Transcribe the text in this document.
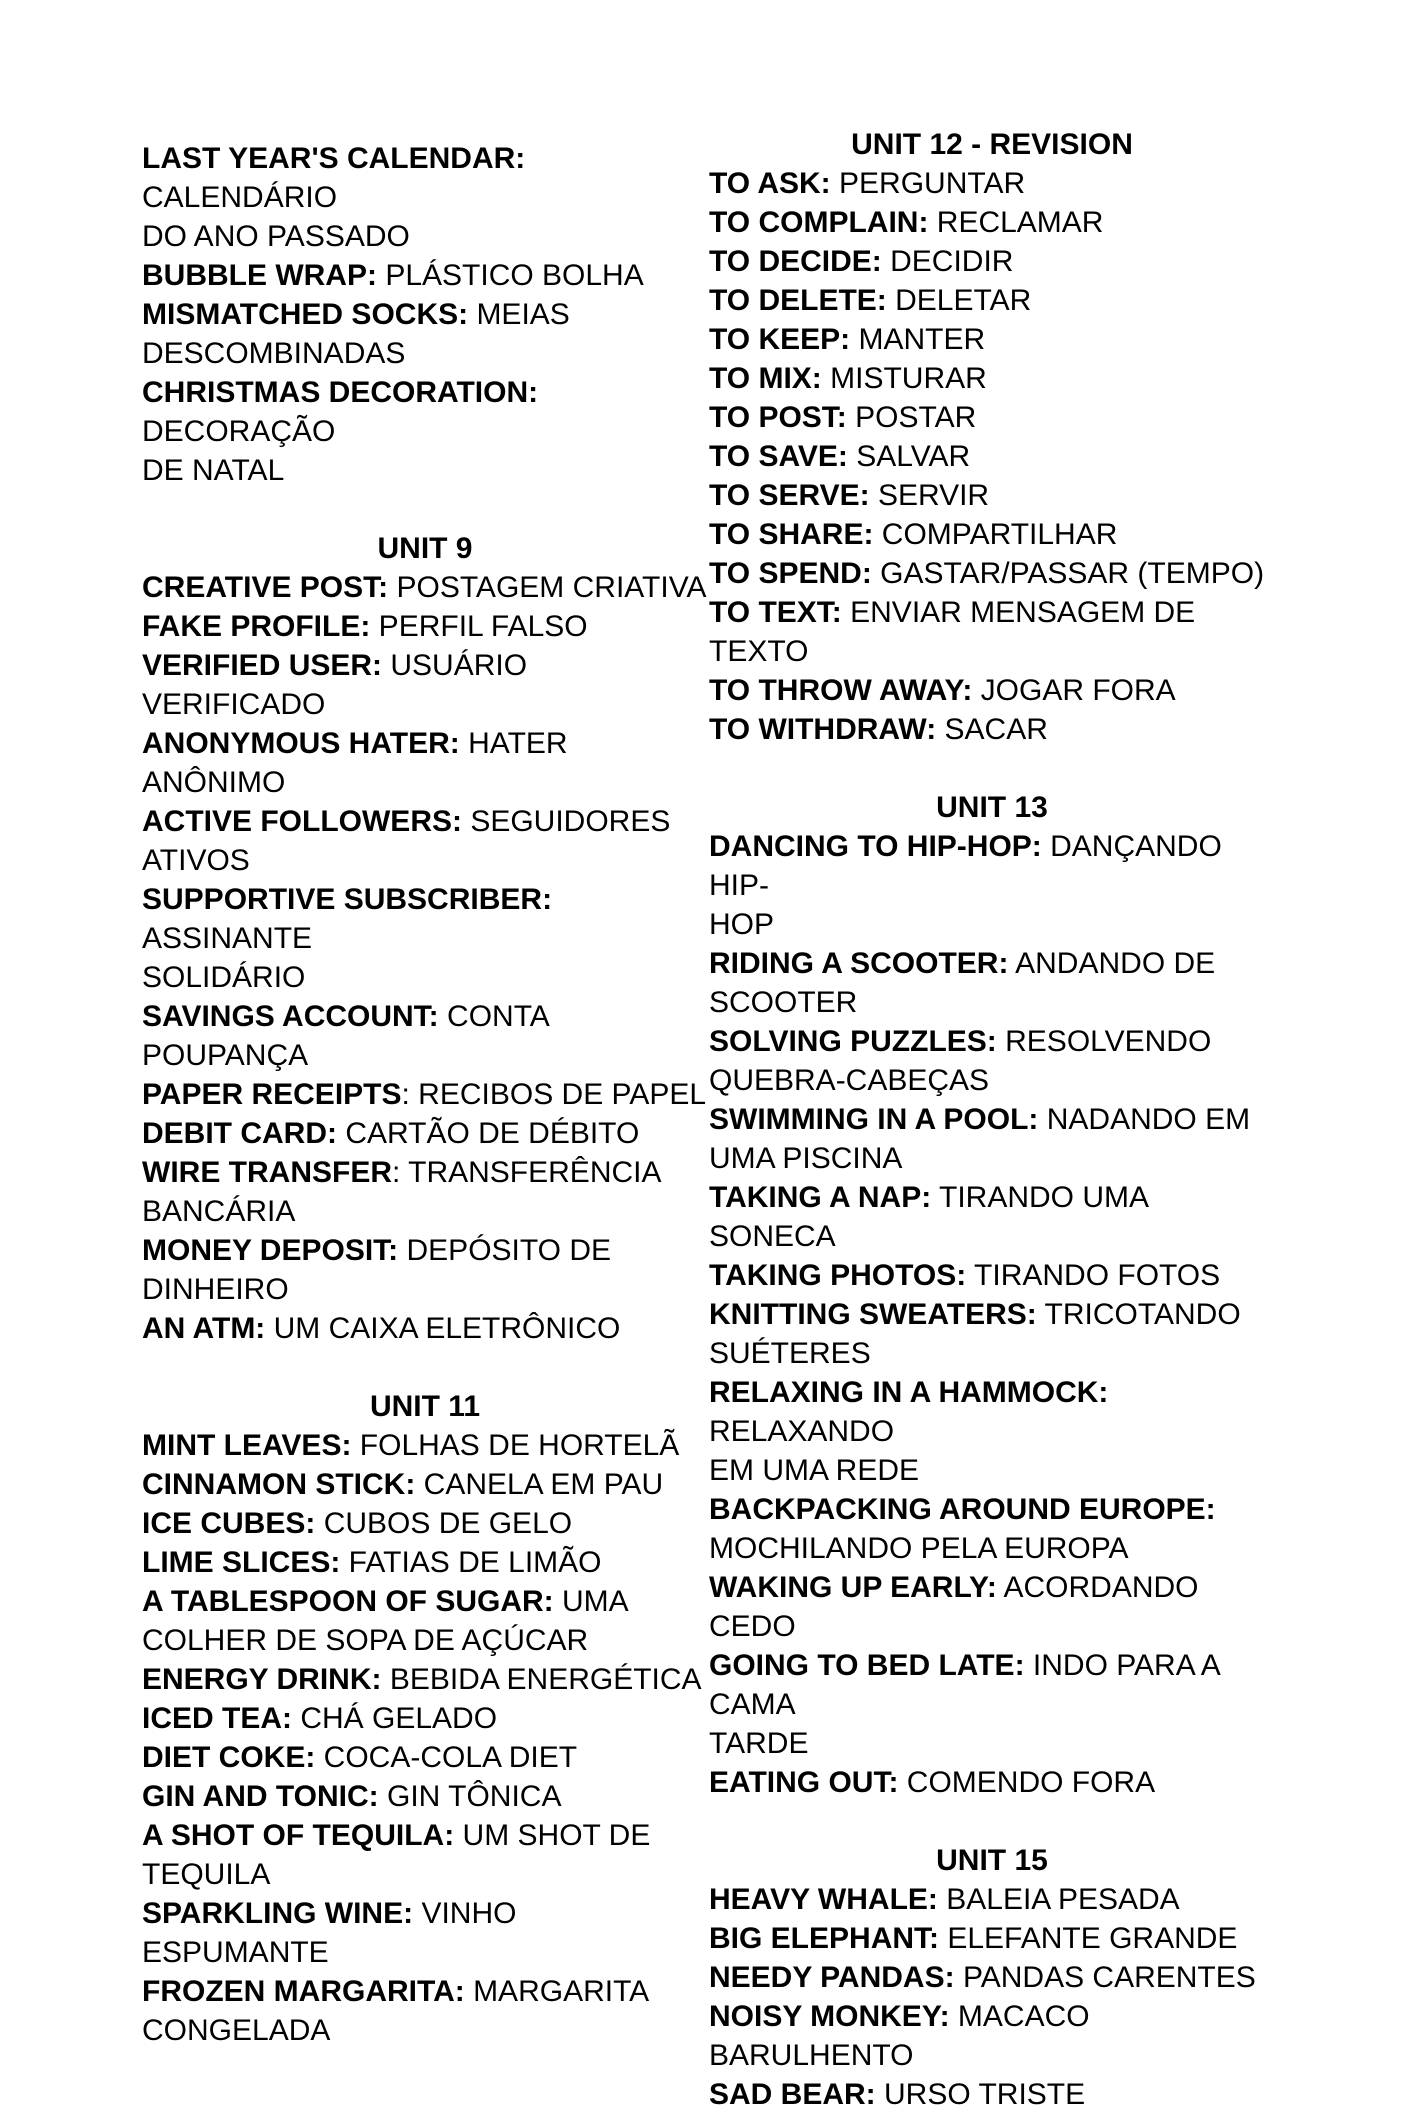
LAST YEAR'S CALENDAR: CALENDÁRIO
DO ANO PASSADO
BUBBLE WRAP: PLÁSTICO BOLHA
MISMATCHED SOCKS: MEIAS
DESCOMBINADAS
CHRISTMAS DECORATION: DECORAÇÃO
DE NATAL
UNIT 9
CREATIVE POST: POSTAGEM CRIATIVA
FAKE PROFILE: PERFIL FALSO
VERIFIED USER: USUÁRIO VERIFICADO
ANONYMOUS HATER: HATER ANÔNIMO
ACTIVE FOLLOWERS: SEGUIDORES
ATIVOS
SUPPORTIVE SUBSCRIBER: ASSINANTE
SOLIDÁRIO
SAVINGS ACCOUNT: CONTA POUPANÇA
PAPER RECEIPTS: RECIBOS DE PAPEL
DEBIT CARD: CARTÃO DE DÉBITO
WIRE TRANSFER: TRANSFERÊNCIA
BANCÁRIA
MONEY DEPOSIT: DEPÓSITO DE
DINHEIRO
AN ATM: UM CAIXA ELETRÔNICO
UNIT 11
MINT LEAVES: FOLHAS DE HORTELÃ
CINNAMON STICK: CANELA EM PAU
ICE CUBES: CUBOS DE GELO
LIME SLICES: FATIAS DE LIMÃO
A TABLESPOON OF SUGAR: UMA
COLHER DE SOPA DE AÇÚCAR
ENERGY DRINK: BEBIDA ENERGÉTICA
ICED TEA: CHÁ GELADO
DIET COKE: COCA-COLA DIET
GIN AND TONIC: GIN TÔNICA
A SHOT OF TEQUILA: UM SHOT DE
TEQUILA
SPARKLING WINE: VINHO ESPUMANTE
FROZEN MARGARITA: MARGARITA
CONGELADA
UNIT 12 - REVISION
TO ASK: PERGUNTAR
TO COMPLAIN: RECLAMAR
TO DECIDE: DECIDIR
TO DELETE: DELETAR
TO KEEP: MANTER
TO MIX: MISTURAR
TO POST: POSTAR
TO SAVE: SALVAR
TO SERVE: SERVIR
TO SHARE: COMPARTILHAR
TO SPEND: GASTAR/PASSAR (TEMPO)
TO TEXT: ENVIAR MENSAGEM DE TEXTO
TO THROW AWAY: JOGAR FORA
TO WITHDRAW: SACAR
UNIT 13
DANCING TO HIP-HOP: DANÇANDO HIP-
HOP
RIDING A SCOOTER: ANDANDO DE
SCOOTER
SOLVING PUZZLES: RESOLVENDO
QUEBRA-CABEÇAS
SWIMMING IN A POOL: NADANDO EM
UMA PISCINA
TAKING A NAP: TIRANDO UMA SONECA
TAKING PHOTOS: TIRANDO FOTOS
KNITTING SWEATERS: TRICOTANDO
SUÉTERES
RELAXING IN A HAMMOCK: RELAXANDO
EM UMA REDE
BACKPACKING AROUND EUROPE:
MOCHILANDO PELA EUROPA
WAKING UP EARLY: ACORDANDO CEDO
GOING TO BED LATE: INDO PARA A CAMA
TARDE
EATING OUT: COMENDO FORA
UNIT 15
HEAVY WHALE: BALEIA PESADA
BIG ELEPHANT: ELEFANTE GRANDE
NEEDY PANDAS: PANDAS CARENTES
NOISY MONKEY: MACACO BARULHENTO
SAD BEAR: URSO TRISTE
